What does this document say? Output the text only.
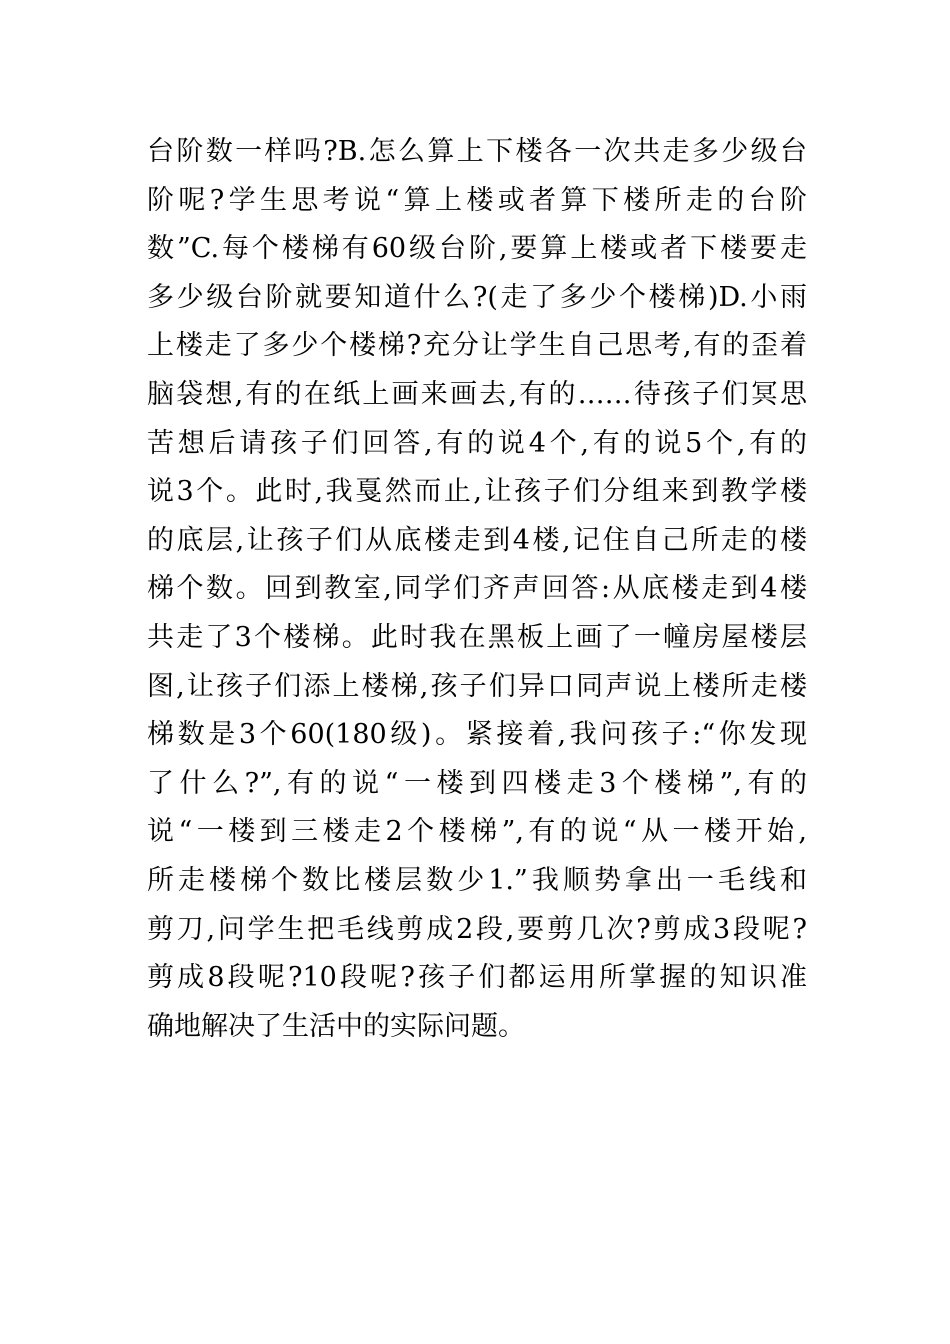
台阶数一样吗?B.怎么算上下楼各一次共走多少级台
阶呢?学生思考说“算上楼或者算下楼所走的台阶
数”C.每个楼梯有60级台阶,要算上楼或者下楼要走
多少级台阶就要知道什么?(走了多少个楼梯)D.小雨
上楼走了多少个楼梯?充分让学生自己思考,有的歪着
脑袋想,有的在纸上画来画去,有的……待孩子们冥思
苦想后请孩子们回答,有的说4个,有的说5个,有的
说3个。此时,我戛然而止,让孩子们分组来到教学楼
的底层,让孩子们从底楼走到4楼,记住自己所走的楼
梯个数。回到教室,同学们齐声回答:从底楼走到4楼
共走了3个楼梯。此时我在黑板上画了一幢房屋楼层
图,让孩子们添上楼梯,孩子们异口同声说上楼所走楼
梯数是3个60(180级)。紧接着,我问孩子:“你发现
了什么?”,有的说“一楼到四楼走3个楼梯”,有的
说“一楼到三楼走2个楼梯”,有的说“从一楼开始,
所走楼梯个数比楼层数少1.”我顺势拿出一毛线和
剪刀,问学生把毛线剪成2段,要剪几次?剪成3段呢?
剪成8段呢?10段呢?孩子们都运用所掌握的知识准
确地解决了生活中的实际问题。
